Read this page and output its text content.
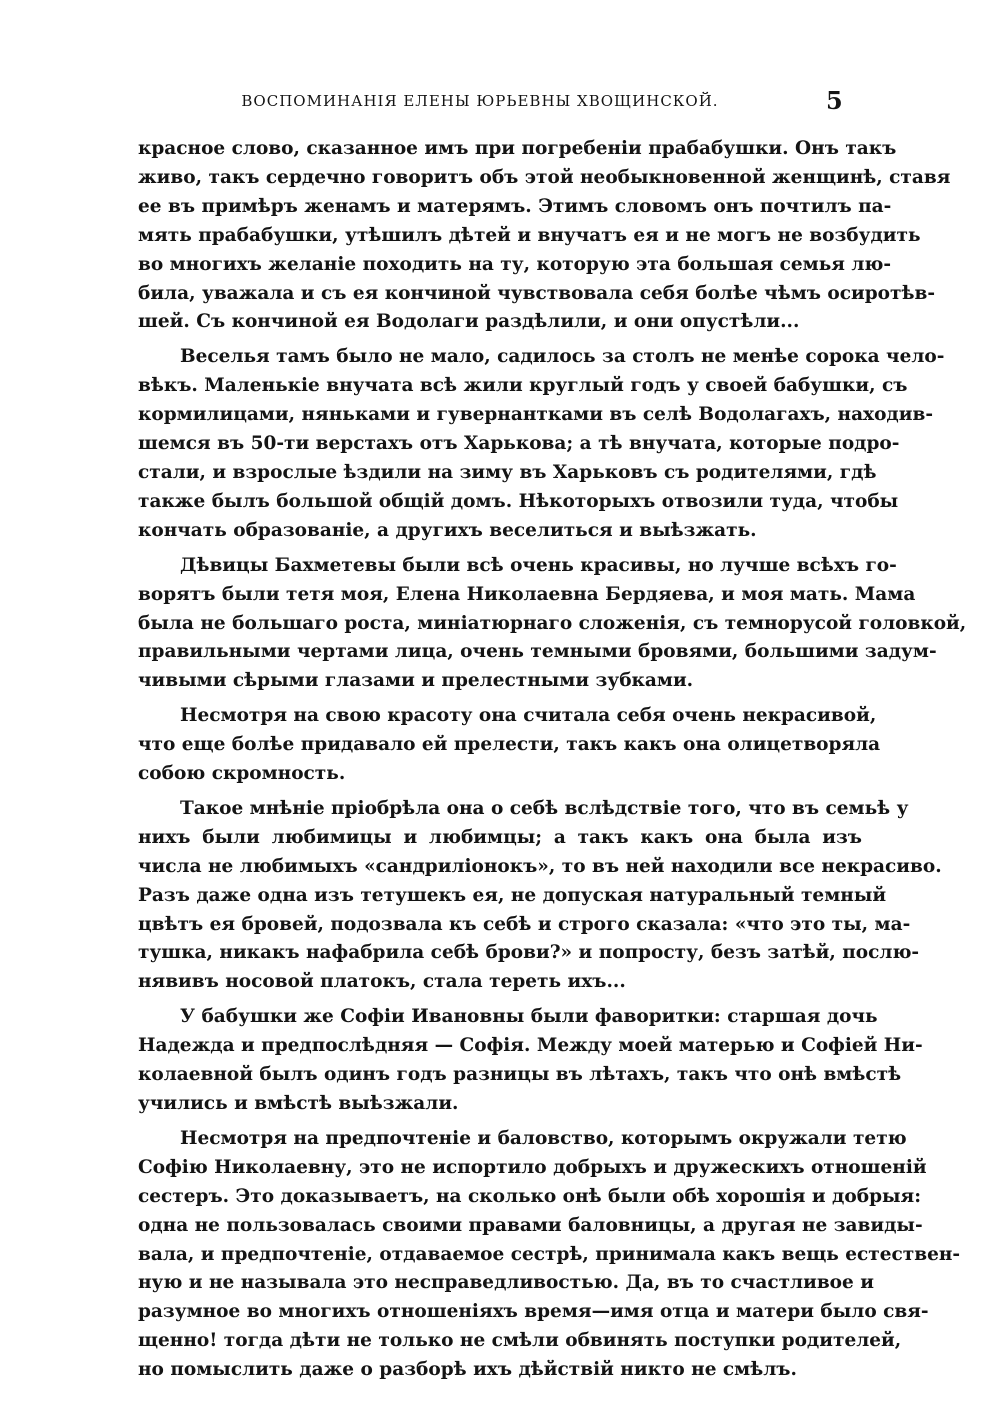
ВОСПОМИНАНІЯ ЕЛЕНЫ ЮРЬЕВНЫ ХВОЩИНСКОЙ.	5
красное слово, сказанное имъ при погребеніи прабабушки. Онъ такъ
живо, такъ сердечно говоритъ объ этой необыкновенной женщинѣ, ставя
ее въ примѣръ женамъ и матерямъ. Этимъ словомъ онъ почтилъ па-
мять прабабушки, утѣшилъ дѣтей и внучатъ ея и не могъ не возбудить
во многихъ желаніе походить на ту, которую эта большая семья лю-
била, уважала и съ ея кончиной чувствовала себя болѣе чѣмъ осиротѣв-
шей. Съ кончиной ея Водолаги раздѣлили, и они опустѣли...
Веселья тамъ было не мало, садилось за столъ не менѣе сорока чело-
вѣкъ. Маленькіе внучата всѣ жили круглый годъ у своей бабушки, съ
кормилицами, няньками и гувернантками въ селѣ Водолагахъ, находив-
шемся въ 50-ти верстахъ отъ Харькова; а тѣ внучата, которые подро-
стали, и взрослые ѣздили на зиму въ Харьковъ съ родителями, гдѣ
также былъ большой общій домъ. Нѣкоторыхъ отвозили туда, чтобы
кончать образованіе, а другихъ веселиться и выѣзжать.
Дѣвицы Бахметевы были всѣ очень красивы, но лучше всѣхъ го-
ворятъ были тетя моя, Елена Николаевна Бердяева, и моя мать. Мама
была не большаго роста, миніатюрнаго сложенія, съ темнорусой головкой,
правильными чертами лица, очень темными бровями, большими задум-
чивыми сѣрыми глазами и прелестными зубками.
Несмотря на свою красоту она считала себя очень некрасивой,
что еще болѣе придавало ей прелести, такъ какъ она олицетворяла
собою скромность.
Такое мнѣніе пріобрѣла она о себѣ вслѣдствіе того, что въ семьѣ у
нихъ были любимицы и любимцы; а такъ какъ она была изъ
числа не любимыхъ «сандриліонокъ», то въ ней находили все некрасиво.
Разъ даже одна изъ тетушекъ ея, не допуская натуральный темный
цвѣтъ ея бровей, подозвала къ себѣ и строго сказала: «что это ты, ма-
тушка, никакъ нафабрила себѣ брови?» и попросту, безъ затѣй, послю-
нявивъ носовой платокъ, стала тереть ихъ...
У бабушки же Софіи Ивановны были фаворитки: старшая дочь
Надежда и предпослѣдняя — Софія. Между моей матерью и Софіей Ни-
колаевной былъ одинъ годъ разницы въ лѣтахъ, такъ что онѣ вмѣстѣ
учились и вмѣстѣ выѣзжали.
Несмотря на предпочтеніе и баловство, которымъ окружали тетю
Софію Николаевну, это не испортило добрыхъ и дружескихъ отношеній
сестеръ. Это доказываетъ, на сколько онѣ были обѣ хорошія и добрыя:
одна не пользовалась своими правами баловницы, а другая не завиды-
вала, и предпочтеніе, отдаваемое сестрѣ, принимала какъ вещь естествен-
ную и не называла это несправедливостью. Да, въ то счастливое и
разумное во многихъ отношеніяхъ время—имя отца и матери было свя-
щенно! тогда дѣти не только не смѣли обвинять поступки родителей,
но помыслить даже о разборѣ ихъ дѣйствій никто не смѣлъ.
